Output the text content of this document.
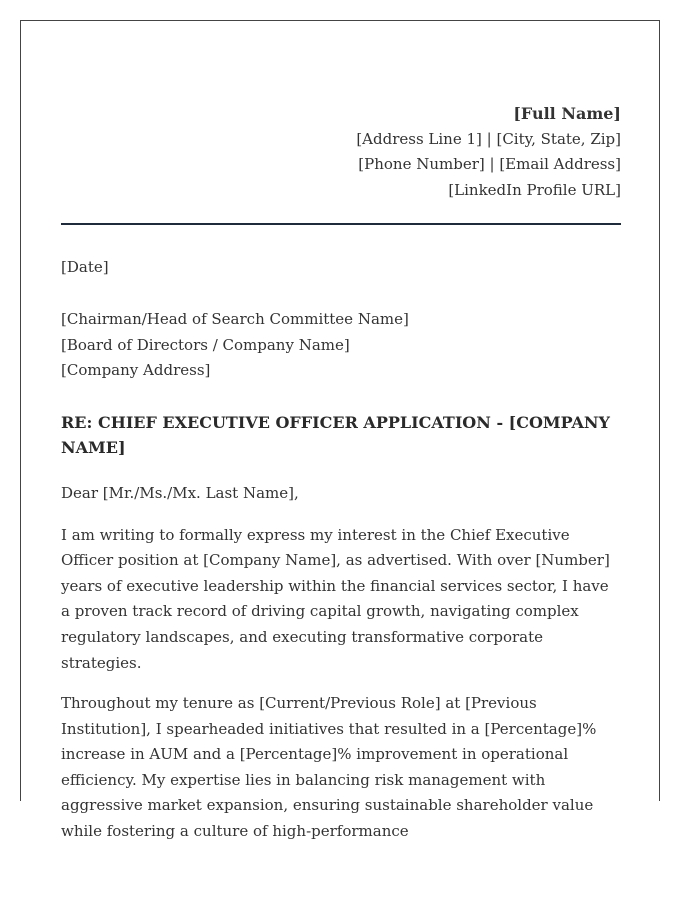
[Full Name]
[Address Line 1] | [City, State, Zip]
[Phone Number] | [Email Address]
[LinkedIn Profile URL]
[Date]
[Chairman/Head of Search Committee Name]
[Board of Directors / Company Name]
[Company Address]
RE: CHIEF EXECUTIVE OFFICER APPLICATION - [COMPANY NAME]
Dear [Mr./Ms./Mx. Last Name],
I am writing to formally express my interest in the Chief Executive Officer position at [Company Name], as advertised. With over [Number] years of executive leadership within the financial services sector, I have a proven track record of driving capital growth, navigating complex regulatory landscapes, and executing transformative corporate strategies.
Throughout my tenure as [Current/Previous Role] at [Previous Institution], I spearheaded initiatives that resulted in a [Percentage]% increase in AUM and a [Percentage]% improvement in operational efficiency. My expertise lies in balancing risk management with aggressive market expansion, ensuring sustainable shareholder value while fostering a culture of high-performance
